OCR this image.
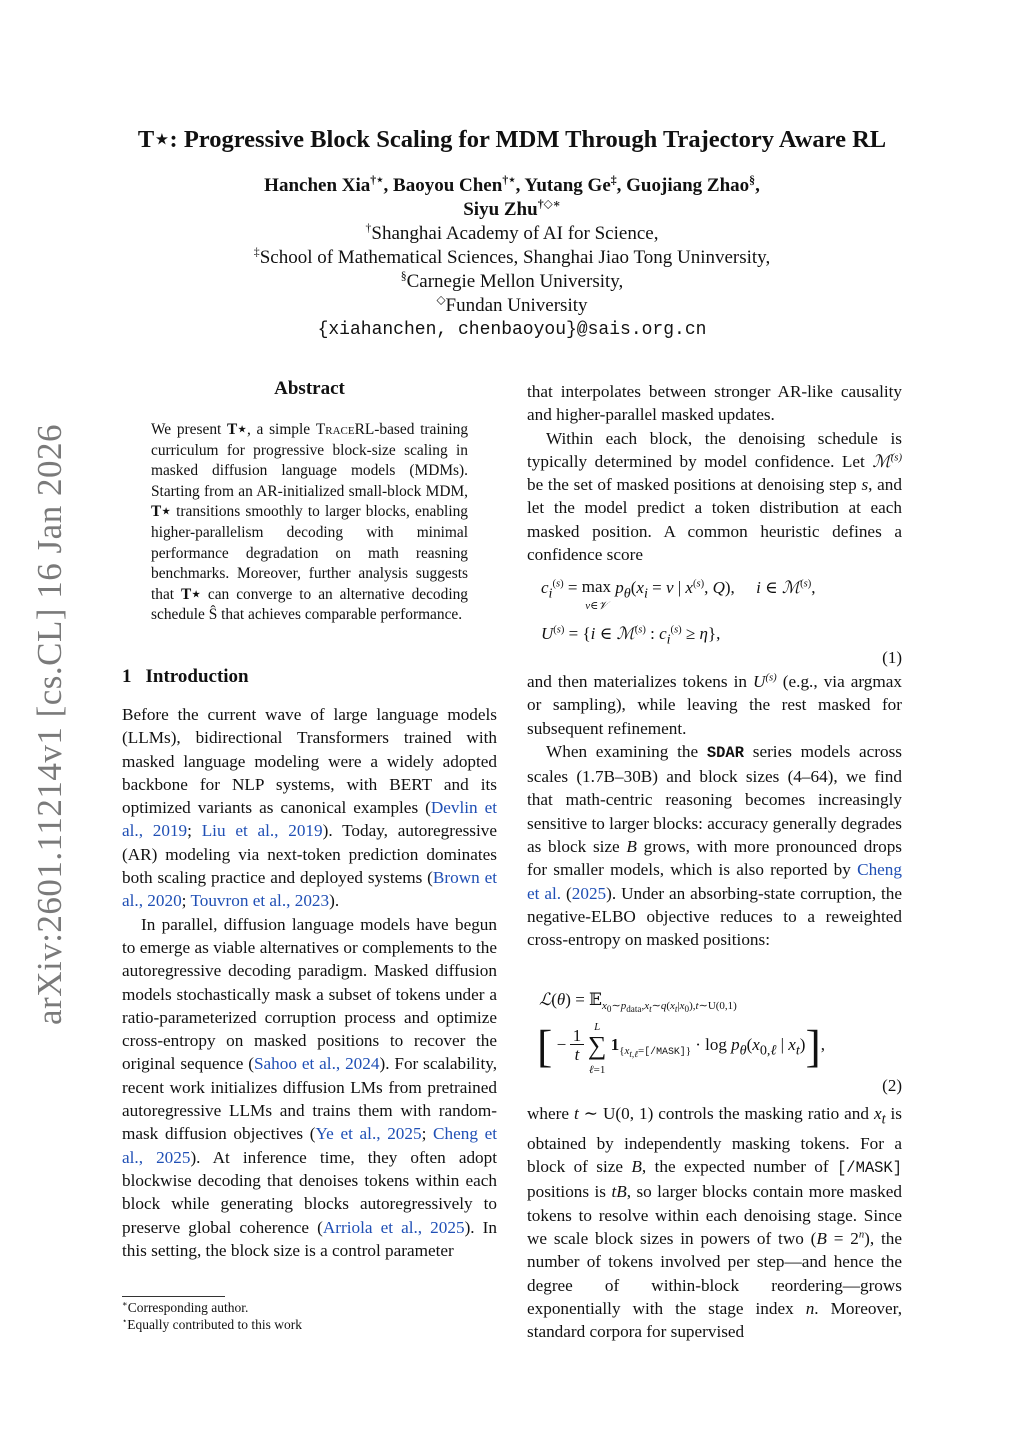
arXiv:2601.11214v1 [cs.CL] 16 Jan 2026
T⋆: Progressive Block Scaling for MDM Through Trajectory Aware RL
Hanchen Xia†⋆, Baoyou Chen†⋆, Yutang Ge‡, Guojiang Zhao§,
Siyu Zhu†◇∗
†Shanghai Academy of AI for Science,
‡School of Mathematical Sciences, Shanghai Jiao Tong Uninversity,
§Carnegie Mellon University,
◇Fundan University
{xiahanchen, chenbaoyou}@sais.org.cn
Abstract
We present T⋆, a simple TraceRL-based training curriculum for progressive block-size scaling in masked diffusion language models (MDMs). Starting from an AR-initialized small-block MDM, T⋆ transitions smoothly to larger blocks, enabling higher-parallelism decoding with minimal performance degradation on math reasning benchmarks. Moreover, further analysis suggests that T⋆ can converge to an alternative decoding schedule Ŝ that achieves comparable performance.
1 Introduction

Before the current wave of large language models (LLMs), bidirectional Transformers trained with masked language modeling were a widely adopted backbone for NLP systems, with BERT and its optimized variants as canonical examples (Devlin et al., 2019; Liu et al., 2019). Today, autoregressive (AR) modeling via next-token prediction dominates both scaling practice and deployed systems (Brown et al., 2020; Touvron et al., 2023).

In parallel, diffusion language models have begun to emerge as viable alternatives or complements to the autoregressive decoding paradigm. Masked diffusion models stochastically mask a subset of tokens under a ratio-parameterized corruption process and optimize cross-entropy on masked positions to recover the original sequence (Sahoo et al., 2024). For scalability, recent work initializes diffusion LMs from pretrained autoregressive LLMs and trains them with random-mask diffusion objectives (Ye et al., 2025; Cheng et al., 2025). At inference time, they often adopt blockwise decoding that denoises tokens within each block while generating blocks autoregressively to preserve global coherence (Arriola et al., 2025). In this setting, the block size is a control parameter

that interpolates between stronger AR-like causality and higher-parallel masked updates.

Within each block, the denoising schedule is typically determined by model confidence. Let ℳ$^{(s)}$ be the set of masked positions at denoising step s, and let the model predict a token distribution at each masked position. A common heuristic defines a confidence score

$c_i^{(s)} = \max$
v∈𝒱 $p_\theta(x_i = v$ | $x^{(s)}$, Q),     i ∈ ℳ$^{(s)}$,
$U^{(s)} = \{i$ ∈ ℳ$^{(s)}$ : $c_i^{(s)} \ge \eta$},
(1)

and then materializes tokens in $U^{(s)}$ (e.g., via argmax or sampling), while leaving the rest masked for subsequent refinement.

When examining the SDAR series models across scales (1.7B–30B) and block sizes (4–64), we find that math-centric reasoning becomes increasingly sensitive to larger blocks: accuracy generally degrades as block size B grows, with more pronounced drops for smaller models, which is also reported by Cheng et al. (2025). Under an absorbing-state corruption, the negative-ELBO objective reduces to a reweighted cross-entropy on masked positions:

ℒ(θ) = 𝔼$_{x_0\sim p_{data},x_t\sim q(x_t|x_0),t\sim U(0,1)}$
[ − 1
t  L
∑
ℓ=1 $1_{\{x_{t,\ell}=[/MASK]\}} \cdot \log p_\theta(x_{0,\ell}$ | $x_t$)],
(2)

where t ∼ U(0, 1) controls the masking ratio and $x_t$ is obtained by independently masking tokens. For a block of size B, the expected number of [/MASK] positions is tB, so larger blocks contain more masked tokens to resolve within each denoising stage. Since we scale block sizes in powers of two $(B = 2^n)$, the number of tokens involved per step—and hence the degree of within-block reordering—grows exponentially with the stage index n. Moreover, standard corpora for supervised

∗Corresponding author.
⋆Equally contributed to this work
